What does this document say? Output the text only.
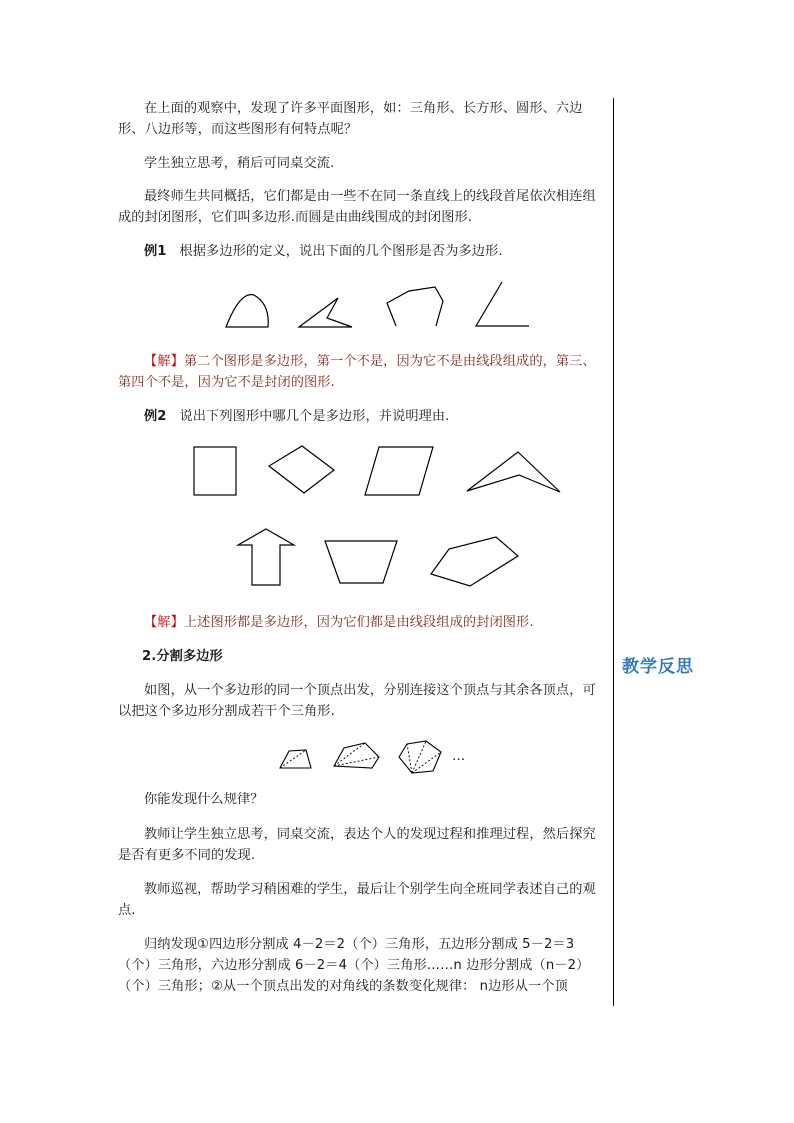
在上面的观察中，发现了许多平面图形，如：三角形、长方形、圆形、六边形、八边形等，而这些图形有何特点呢？

学生独立思考，稍后可同桌交流.

最终师生共同概括，它们都是由一些不在同一条直线上的线段首尾依次相连组成的封闭图形，它们叫多边形.而圆是由曲线围成的封闭图形.

例1 根据多边形的定义，说出下面的几个图形是否为多边形.

【解】第二个图形是多边形，第一个不是，因为它不是由线段组成的，第三、第四个不是，因为它不是封闭的图形.

例2 说出下列图形中哪几个是多边形，并说明理由.

【解】上述图形都是多边形，因为它们都是由线段组成的封闭图形.

2.分割多边形

如图，从一个多边形的同一个顶点出发，分别连接这个顶点与其余各顶点，可以把这个多边形分割成若干个三角形.

…

你能发现什么规律？

教师让学生独立思考，同桌交流，表达个人的发现过程和推理过程，然后探究是否有更多不同的发现.

教师巡视，帮助学习稍困难的学生，最后让个别学生向全班同学表述自己的观点.

归纳发现①四边形分割成 4－2＝2（个）三角形，五边形分割成 5－2＝3（个）三角形，六边形分割成 6－2＝4（个）三角形……n 边形分割成（n－2）（个）三角形；②从一个顶点出发的对角线的条数变化规律： n边形从一个顶

教学反思
